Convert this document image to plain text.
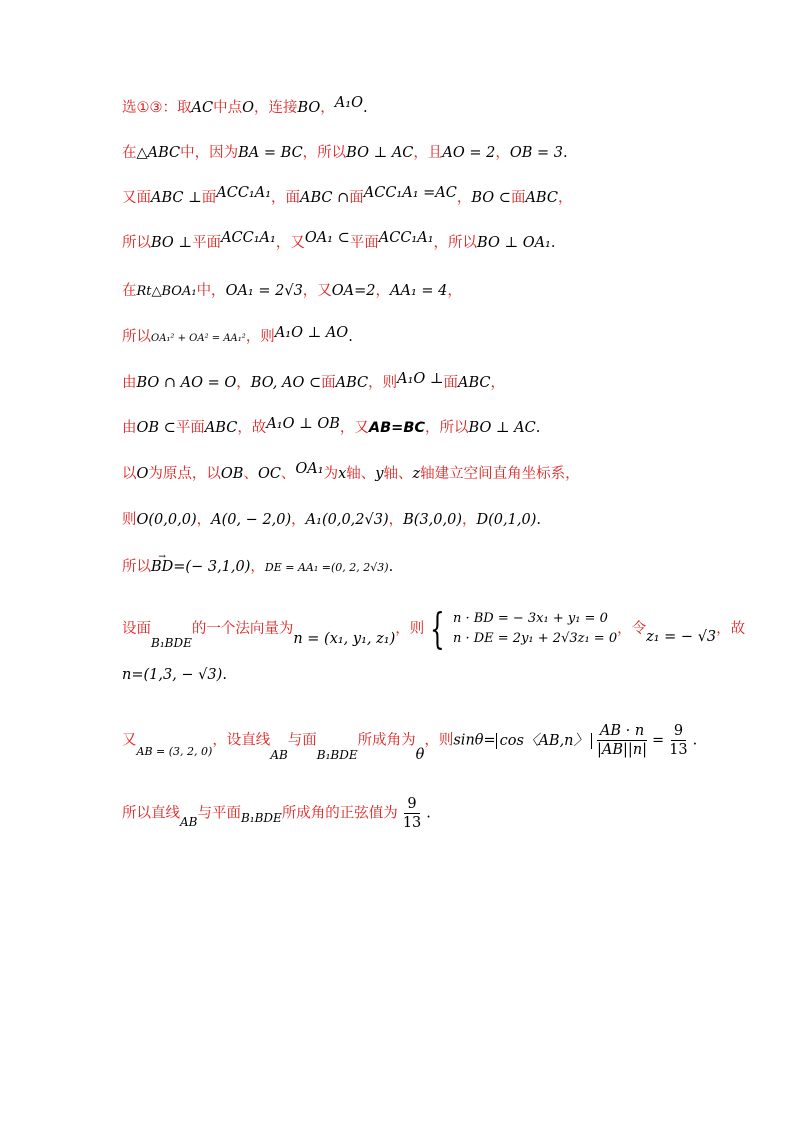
选①③：取AC中点O，连接BO，A₁O.
在△ABC中，因为BA = BC，所以BO ⊥ AC，且AO = 2，OB = 3.
又面ABC ⊥面ACC₁A₁，面ABC ∩面ACC₁A₁ =AC，BO ⊂面ABC，
所以BO ⊥平面ACC₁A₁，又OA₁ ⊂平面ACC₁A₁，所以BO ⊥ OA₁.
在Rt△BOA₁中，OA₁ = 2√3，又OA=2，AA₁ = 4，
所以OA₁² + OA² = AA₁²，则A₁O ⊥ AO.
由BO ∩ AO = O，BO, AO ⊂面ABC，则A₁O ⊥面ABC，
由OB ⊂平面ABC，故A₁O ⊥ OB，又AB=BC，所以BO ⊥ AC.
以O为原点，以OB、OC、OA₁为x轴、y轴、z轴建立空间直角坐标系，
则O(0,0,0)，A(0, − 2,0)，A₁(0,0,2√3)，B(3,0,0)，D(0,1,0).
所以→ BD=(− 3,1,0)，DE = AA₁ =(0, 2, 2√3).
设面$_{B_1BDE}$的一个法向量为n = (x₁, y₁, z₁)，则 { n · BD = − 3x₁ + y₁ = 0
n · DE = 2y₁ + 2√3z₁ = 0
，令z₁ = − √3，故
n=(1,3, − √3).
又$_{AB = (3, 2, 0)}$，设直线$_{AB}$与面$_{B_1BDE}$所成角为θ，则sinθ= cos〈AB,n〉 $\frac{AB \cdot n}{|AB||n|} = \frac{9}{13}$ .
所以直线$_{AB}$与平面$_{B_1BDE}$所成角的正弦值为 $\frac{9}{13}$ .
